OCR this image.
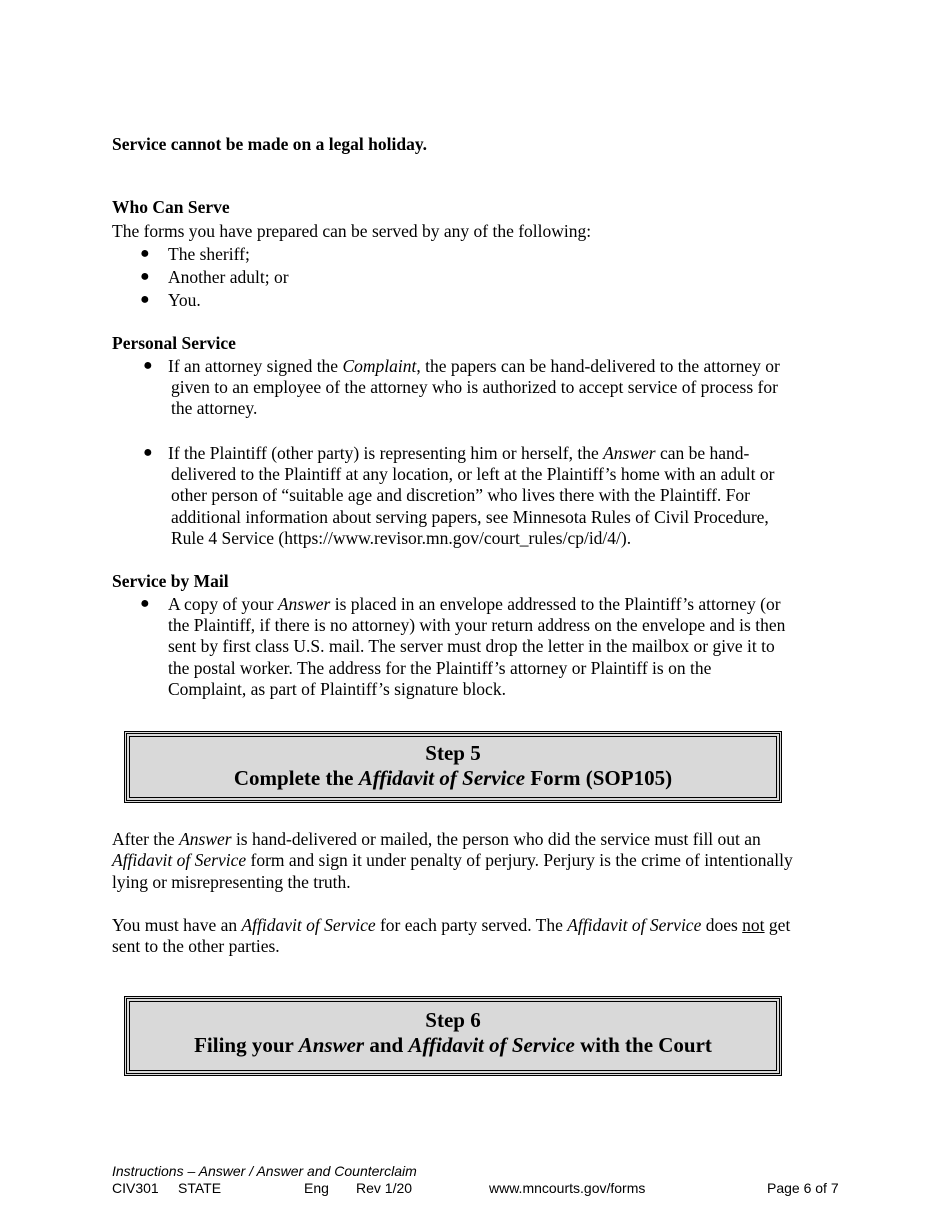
Service cannot be made on a legal holiday.
Who Can Serve
The forms you have prepared can be served by any of the following:
● The sheriff;
● Another adult; or
● You.
Personal Service
● If an attorney signed the Complaint, the papers can be hand-delivered to the attorney or
given to an employee of the attorney who is authorized to accept service of process for
the attorney.
● If the Plaintiff (other party) is representing him or herself, the Answer can be hand-
delivered to the Plaintiff at any location, or left at the Plaintiff’s home with an adult or
other person of “suitable age and discretion” who lives there with the Plaintiff. For
additional information about serving papers, see Minnesota Rules of Civil Procedure,
Rule 4 Service (https://www.revisor.mn.gov/court_rules/cp/id/4/).
Service by Mail
● A copy of your Answer is placed in an envelope addressed to the Plaintiff’s attorney (or
the Plaintiff, if there is no attorney) with your return address on the envelope and is then
sent by first class U.S. mail. The server must drop the letter in the mailbox or give it to
the postal worker. The address for the Plaintiff’s attorney or Plaintiff is on the
Complaint, as part of Plaintiff’s signature block.
Step 5
Complete the Affidavit of Service Form (SOP105)
After the Answer is hand-delivered or mailed, the person who did the service must fill out an
Affidavit of Service form and sign it under penalty of perjury. Perjury is the crime of intentionally
lying or misrepresenting the truth.
You must have an Affidavit of Service for each party served. The Affidavit of Service does not get
sent to the other parties.
Step 6
Filing your Answer and Affidavit of Service with the Court
Instructions – Answer / Answer and Counterclaim
CIV301 STATE	Eng Rev 1/20	www.mncourts.gov/forms	Page 6 of 7
